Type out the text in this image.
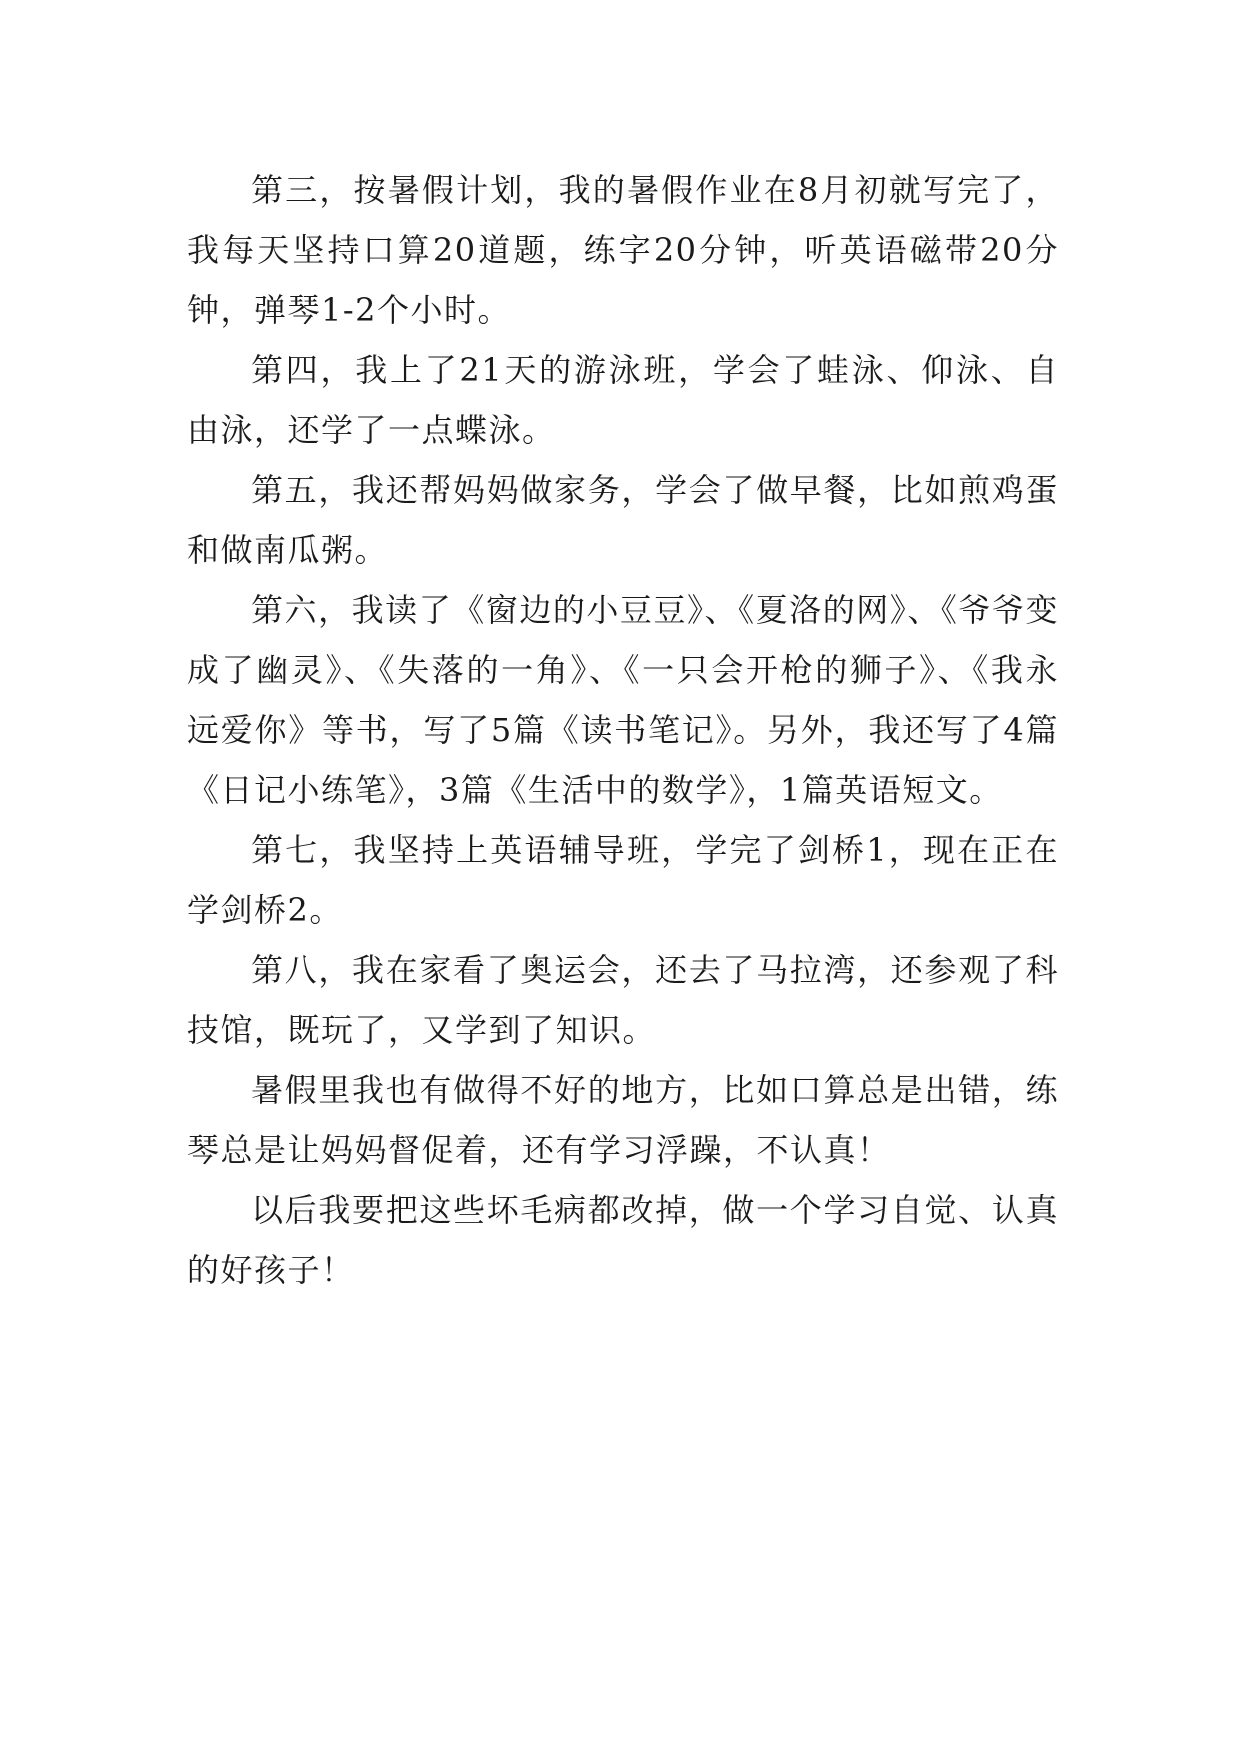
第三，按暑假计划，我的暑假作业在8月初就写完了，我每天坚持口算20道题，练字20分钟，听英语磁带20分钟，弹琴1-2个小时。

第四，我上了21天的游泳班，学会了蛙泳、仰泳、自由泳，还学了一点蝶泳。

第五，我还帮妈妈做家务，学会了做早餐，比如煎鸡蛋和做南瓜粥。

第六，我读了《窗边的小豆豆》、《夏洛的网》、《爷爷变成了幽灵》、《失落的一角》、《一只会开枪的狮子》、《我永远爱你》等书，写了5篇《读书笔记》。另外，我还写了4篇《日记小练笔》，3篇《生活中的数学》，1篇英语短文。

第七，我坚持上英语辅导班，学完了剑桥1，现在正在学剑桥2。

第八，我在家看了奥运会，还去了马拉湾，还参观了科技馆，既玩了，又学到了知识。

暑假里我也有做得不好的地方，比如口算总是出错，练琴总是让妈妈督促着，还有学习浮躁，不认真！

以后我要把这些坏毛病都改掉，做一个学习自觉、认真的好孩子！
